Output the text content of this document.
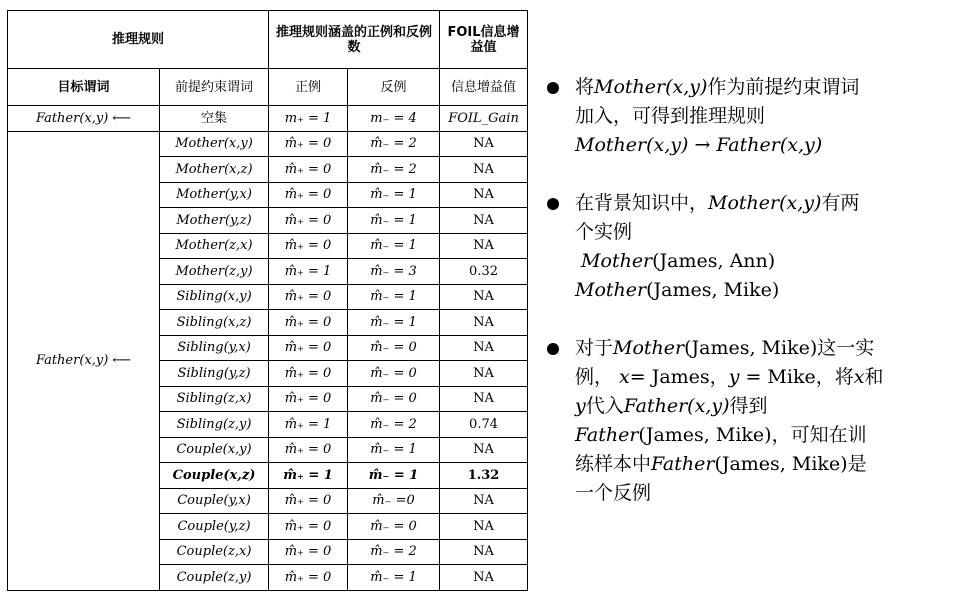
推理规则		推理规则涵盖的正例和反例数		FOIL信息增益值
目标谓词	前提约束谓词	正例	反例	信息增益值
Father(x,y) ⟵	空集	m₊ = 1	m₋ = 4	FOIL_Gain
Father(x,y) ⟵	Mother(x,y)	m̂₊ = 0	m̂₋ = 2	NA
	Mother(x,z)	m̂₊ = 0	m̂₋ = 2	NA
	Mother(y,x)	m̂₊ = 0	m̂₋ = 1	NA
	Mother(y,z)	m̂₊ = 0	m̂₋ = 1	NA
	Mother(z,x)	m̂₊ = 0	m̂₋ = 1	NA
	Mother(z,y)	m̂₊ = 1	m̂₋ = 3	0.32
	Sibling(x,y)	m̂₊ = 0	m̂₋ = 1	NA
	Sibling(x,z)	m̂₊ = 0	m̂₋ = 1	NA
	Sibling(y,x)	m̂₊ = 0	m̂₋ = 0	NA
	Sibling(y,z)	m̂₊ = 0	m̂₋ = 0	NA
	Sibling(z,x)	m̂₊ = 0	m̂₋ = 0	NA
	Sibling(z,y)	m̂₊ = 1	m̂₋ = 2	0.74
	Couple(x,y)	m̂₊ = 0	m̂₋ = 1	NA
	Couple(x,z)	m̂₊ = 1	m̂₋ = 1	1.32
	Couple(y,x)	m̂₊ = 0	m̂₋ =0	NA
	Couple(y,z)	m̂₊ = 0	m̂₋ = 0	NA
	Couple(z,x)	m̂₊ = 0	m̂₋ = 2	NA
	Couple(z,y)	m̂₊ = 0	m̂₋ = 1	NA
将Mother(x,y)作为前提约束谓词
加入，可得到推理规则
Mother(x,y) → Father(x,y)
在背景知识中，Mother(x,y)有两
个实例
Mother(James, Ann)
Mother(James, Mike)
对于Mother(James, Mike)这一实
例， x= James，y = Mike，将x和
y代入Father(x,y)得到
Father(James, Mike)，可知在训
练样本中Father(James, Mike)是
一个反例
